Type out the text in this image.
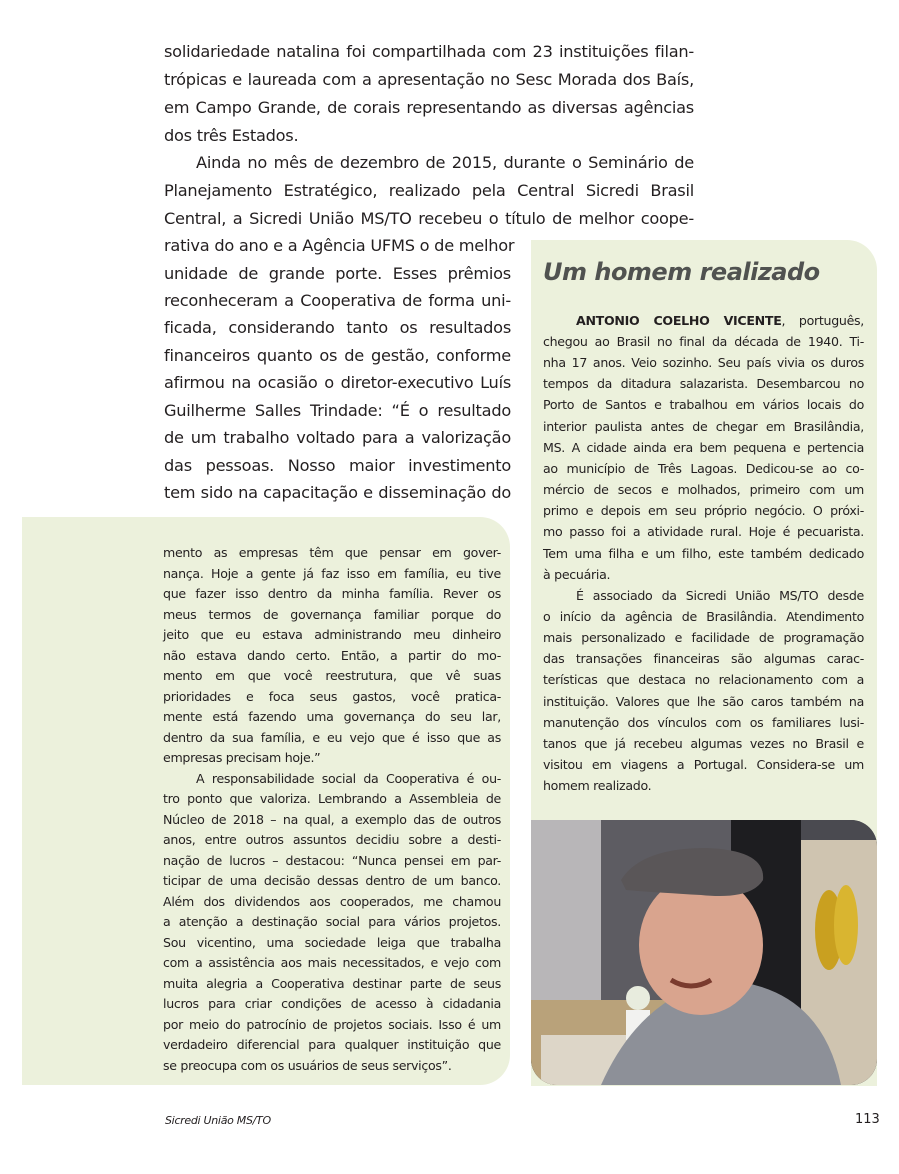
solidariedade natalina foi compartilhada com 23 instituições filan-
trópicas e laureada com a apresentação no Sesc Morada dos Baís,
em Campo Grande, de corais representando as diversas agências
dos três Estados.
Ainda no mês de dezembro de 2015, durante o Seminário de
Planejamento Estratégico, realizado pela Central Sicredi Brasil
Central, a Sicredi União MS/TO recebeu o título de melhor coope-
rativa do ano e a Agência UFMS o de melhor
unidade de grande porte. Esses prêmios
reconheceram a Cooperativa de forma uni-
ficada, considerando tanto os resultados
financeiros quanto os de gestão, conforme
afirmou na ocasião o diretor-executivo Luís
Guilherme Salles Trindade: “É o resultado
de um trabalho voltado para a valorização
das pessoas. Nosso maior investimento
tem sido na capacitação e disseminação do
mento as empresas têm que pensar em gover-
nança. Hoje a gente já faz isso em família, eu tive
que fazer isso dentro da minha família. Rever os
meus termos de governança familiar porque do
jeito que eu estava administrando meu dinheiro
não estava dando certo. Então, a partir do mo-
mento em que você reestrutura, que vê suas
prioridades e foca seus gastos, você pratica-
mente está fazendo uma governança do seu lar,
dentro da sua família, e eu vejo que é isso que as
empresas precisam hoje.”
A responsabilidade social da Cooperativa é ou-
tro ponto que valoriza. Lembrando a Assembleia de
Núcleo de 2018 – na qual, a exemplo das de outros
anos, entre outros assuntos decidiu sobre a desti-
nação de lucros – destacou: “Nunca pensei em par-
ticipar de uma decisão dessas dentro de um banco.
Além dos dividendos aos cooperados, me chamou
a atenção a destinação social para vários projetos.
Sou vicentino, uma sociedade leiga que trabalha
com a assistência aos mais necessitados, e vejo com
muita alegria a Cooperativa destinar parte de seus
lucros para criar condições de acesso à cidadania
por meio do patrocínio de projetos sociais. Isso é um
verdadeiro diferencial para qualquer instituição que
se preocupa com os usuários de seus serviços”.
Um homem realizado
ANTONIO COELHO VICENTE, português,
chegou ao Brasil no final da década de 1940. Ti-
nha 17 anos. Veio sozinho. Seu país vivia os duros
tempos da ditadura salazarista. Desembarcou no
Porto de Santos e trabalhou em vários locais do
interior paulista antes de chegar em Brasilândia,
MS. A cidade ainda era bem pequena e pertencia
ao município de Três Lagoas. Dedicou-se ao co-
mércio de secos e molhados, primeiro com um
primo e depois em seu próprio negócio. O próxi-
mo passo foi a atividade rural. Hoje é pecuarista.
Tem uma filha e um filho, este também dedicado
à pecuária.
É associado da Sicredi União MS/TO desde
o início da agência de Brasilândia. Atendimento
mais personalizado e facilidade de programação
das transações financeiras são algumas carac-
terísticas que destaca no relacionamento com a
instituição. Valores que lhe são caros também na
manutenção dos vínculos com os familiares lusi-
tanos que já recebeu algumas vezes no Brasil e
visitou em viagens a Portugal. Considera-se um
homem realizado.
Sicredi União MS/TO	113
